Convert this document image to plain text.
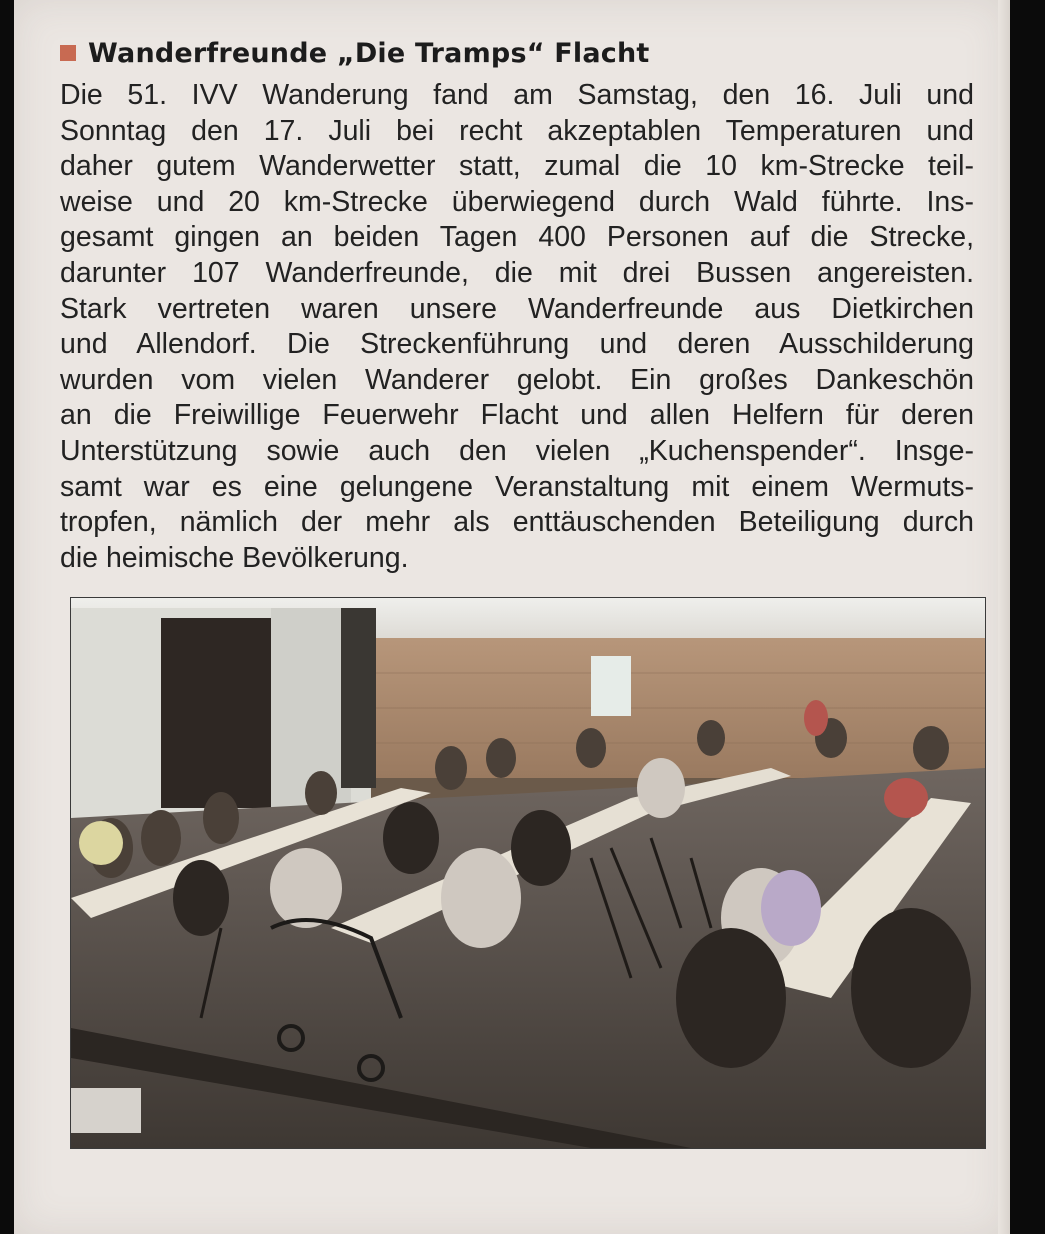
Wanderfreunde „Die Tramps“ Flacht
Die 51. IVV Wanderung fand am Samstag, den 16. Juli und
Sonntag den 17. Juli bei recht akzeptablen Temperaturen und
daher gutem Wanderwetter statt, zumal die 10 km-Strecke teil-
weise und 20 km-Strecke überwiegend durch Wald führte. Ins-
gesamt gingen an beiden Tagen 400 Personen auf die Strecke,
darunter 107 Wanderfreunde, die mit drei Bussen angereisten.
Stark vertreten waren unsere Wanderfreunde aus Dietkirchen
und Allendorf. Die Streckenführung und deren Ausschilderung
wurden vom vielen Wanderer gelobt. Ein großes Dankeschön
an die Freiwillige Feuerwehr Flacht und allen Helfern für deren
Unterstützung sowie auch den vielen „Kuchenspender“. Insge-
samt war es eine gelungene Veranstaltung mit einem Wermuts-
tropfen, nämlich der mehr als enttäuschenden Beteiligung durch
die heimische Bevölkerung.
